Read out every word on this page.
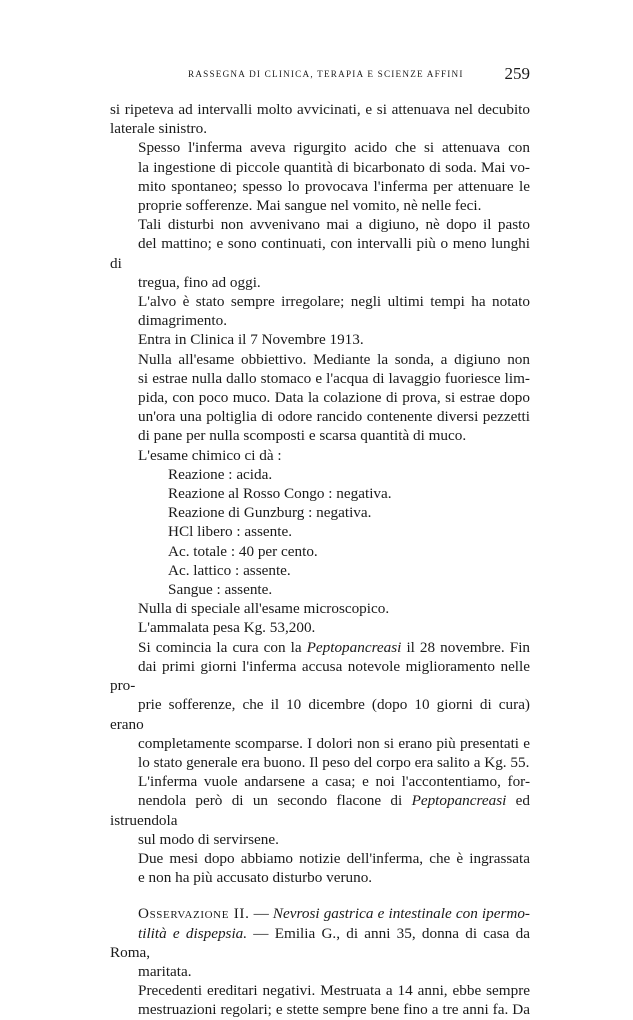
RASSEGNA DI CLINICA, TERAPIA E SCIENZE AFFINI 259

si ripeteva ad intervalli molto avvicinati, e si attenuava nel decubito
laterale sinistro.

Spesso l'inferma aveva rigurgito acido che si attenuava con
la ingestione di piccole quantità di bicarbonato di soda. Mai vo-
mito spontaneo; spesso lo provocava l'inferma per attenuare le
proprie sofferenze. Mai sangue nel vomito, nè nelle feci.

Tali disturbi non avvenivano mai a digiuno, nè dopo il pasto
del mattino; e sono continuati, con intervalli più o meno lunghi di
tregua, fino ad oggi.

L'alvo è stato sempre irregolare; negli ultimi tempi ha notato
dimagrimento.

Entra in Clinica il 7 Novembre 1913.

Nulla all'esame obbiettivo. Mediante la sonda, a digiuno non
si estrae nulla dallo stomaco e l'acqua di lavaggio fuoriesce lim-
pida, con poco muco. Data la colazione di prova, si estrae dopo
un'ora una poltiglia di odore rancido contenente diversi pezzetti
di pane per nulla scomposti e scarsa quantità di muco.

L'esame chimico ci dà :

Reazione : acida.
Reazione al Rosso Congo : negativa.
Reazione di Gunzburg : negativa.
HCl libero : assente.
Ac. totale : 40 per cento.
Ac. lattico : assente.
Sangue : assente.

Nulla di speciale all'esame microscopico.

L'ammalata pesa Kg. 53,200.

Si comincia la cura con la Peptopancreasi il 28 novembre. Fin
dai primi giorni l'inferma accusa notevole miglioramento nelle pro-
prie sofferenze, che il 10 dicembre (dopo 10 giorni di cura) erano
completamente scomparse. I dolori non si erano più presentati e
lo stato generale era buono. Il peso del corpo era salito a Kg. 55.

L'inferma vuole andarsene a casa; e noi l'accontentiamo, for-
nendola però di un secondo flacone di Peptopancreasi ed istruendola
sul modo di servirsene.

Due mesi dopo abbiamo notizie dell'inferma, che è ingrassata
e non ha più accusato disturbo veruno.

Osservazione II. — Nevrosi gastrica e intestinale con ipermo-
tilità e dispepsia. — Emilia G., di anni 35, donna di casa da Roma,
maritata.

Precedenti ereditari negativi. Mestruata a 14 anni, ebbe sempre
mestruazioni regolari; e stette sempre bene fino a tre anni fa. Da
